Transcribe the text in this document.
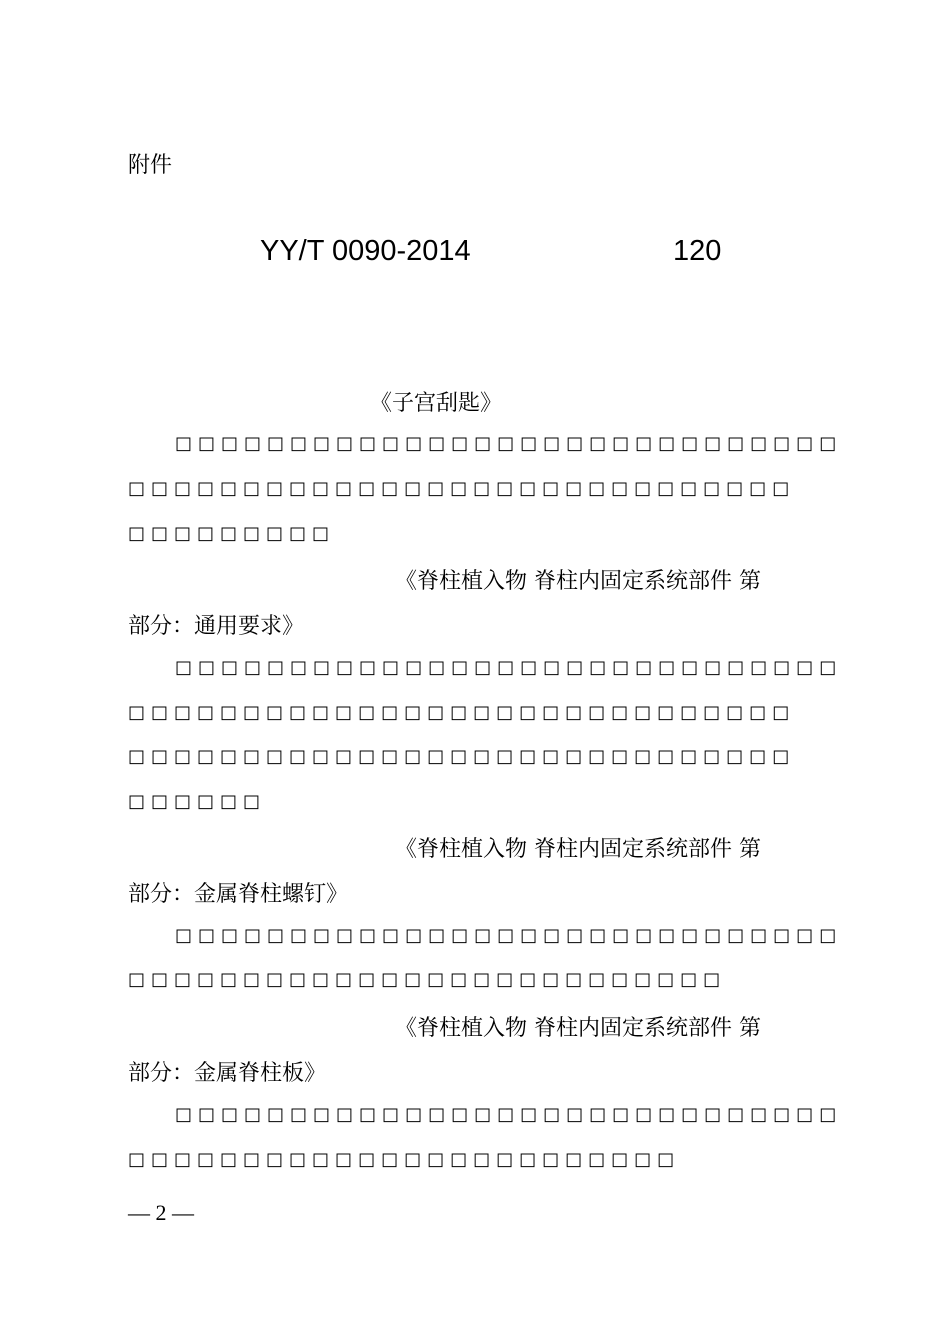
附件
YY/T 0090-2014	120
《子宫刮匙》
□□□□□□□□□□□□□□□□□□□□□□□□□□□□□
□□□□□□□□□□□□□□□□□□□□□□□□□□□□□
□□□□□□□□□
《脊柱植入物 脊柱内固定系统部件 第
部分：通用要求》
□□□□□□□□□□□□□□□□□□□□□□□□□□□□□
□□□□□□□□□□□□□□□□□□□□□□□□□□□□□
□□□□□□□□□□□□□□□□□□□□□□□□□□□□□
□□□□□□
《脊柱植入物 脊柱内固定系统部件 第
部分：金属脊柱螺钉》
□□□□□□□□□□□□□□□□□□□□□□□□□□□□□
□□□□□□□□□□□□□□□□□□□□□□□□□□
《脊柱植入物 脊柱内固定系统部件 第
部分：金属脊柱板》
□□□□□□□□□□□□□□□□□□□□□□□□□□□□□
□□□□□□□□□□□□□□□□□□□□□□□□
— 2 —
